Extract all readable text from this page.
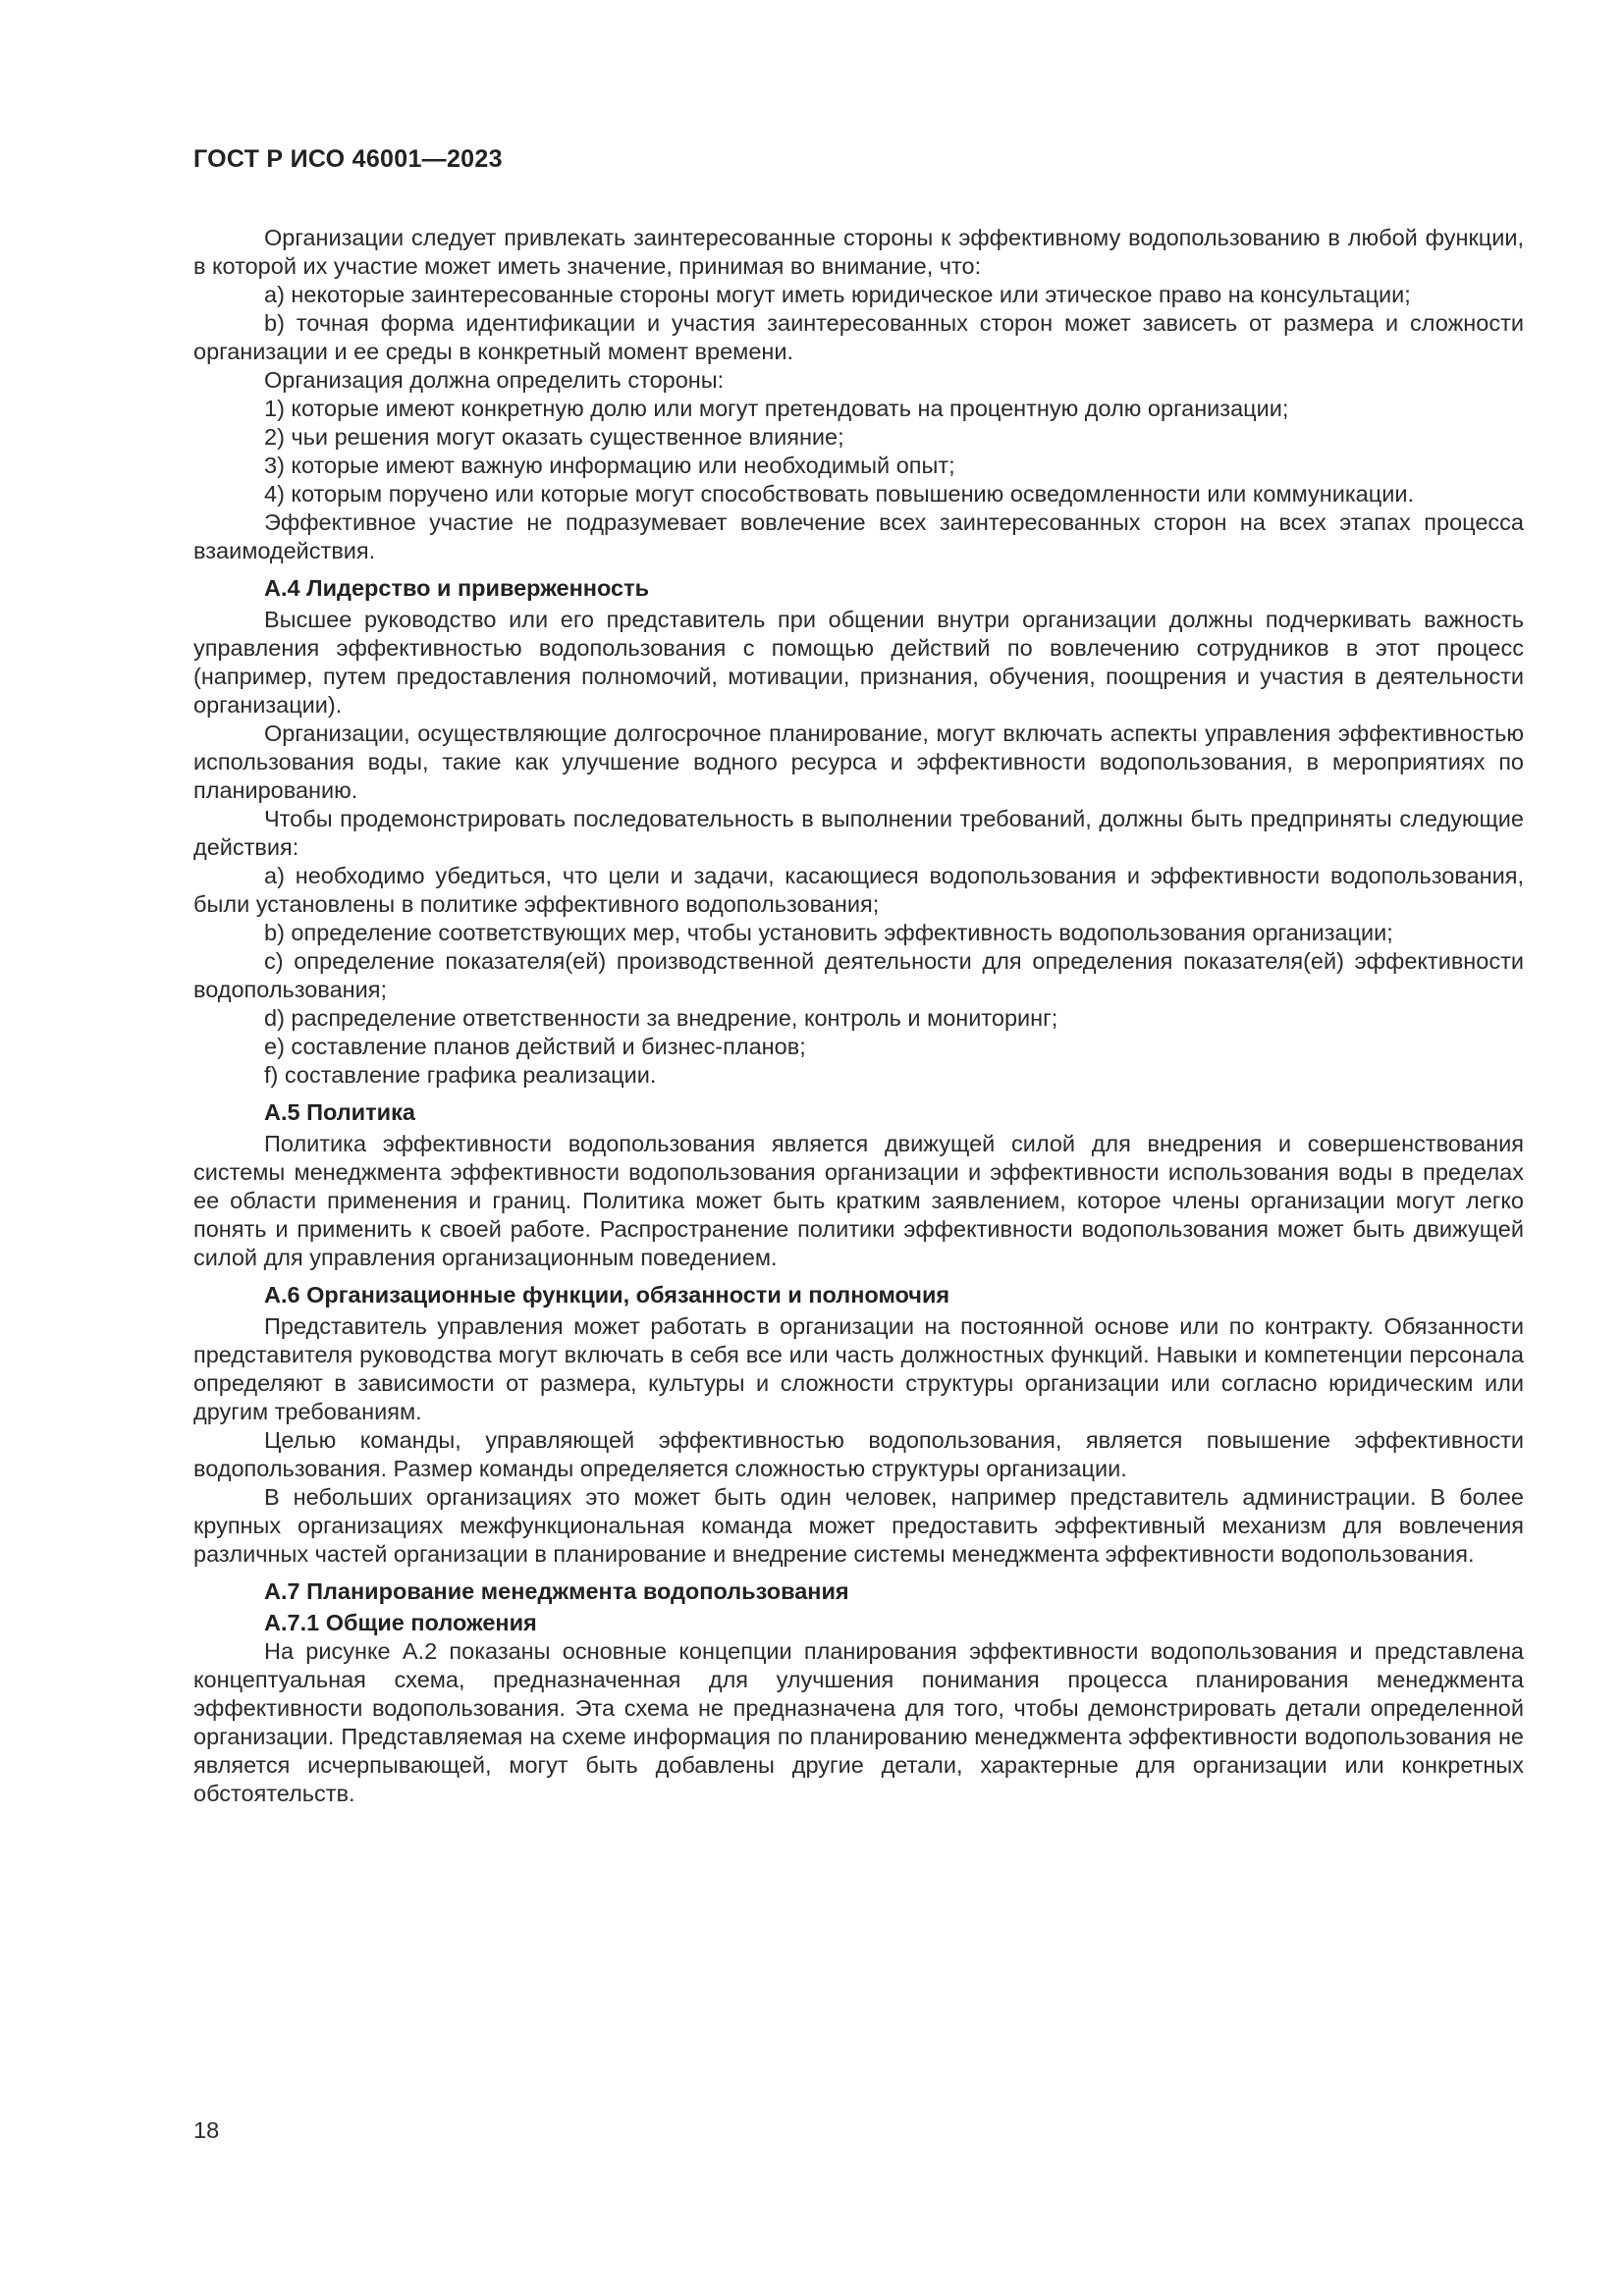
ГОСТ Р ИСО 46001—2023

Организации следует привлекать заинтересованные стороны к эффективному водопользованию в любой функции, в которой их участие может иметь значение, принимая во внимание, что:

a) некоторые заинтересованные стороны могут иметь юридическое или этическое право на консультации;

b) точная форма идентификации и участия заинтересованных сторон может зависеть от размера и сложности организации и ее среды в конкретный момент времени.

Организация должна определить стороны:

1) которые имеют конкретную долю или могут претендовать на процентную долю организации;

2) чьи решения могут оказать существенное влияние;

3) которые имеют важную информацию или необходимый опыт;

4) которым поручено или которые могут способствовать повышению осведомленности или коммуникации.

Эффективное участие не подразумевает вовлечение всех заинтересованных сторон на всех этапах процесса взаимодействия.

А.4 Лидерство и приверженность

Высшее руководство или его представитель при общении внутри организации должны подчеркивать важность управления эффективностью водопользования с помощью действий по вовлечению сотрудников в этот процесс (например, путем предоставления полномочий, мотивации, признания, обучения, поощрения и участия в деятельности организации).

Организации, осуществляющие долгосрочное планирование, могут включать аспекты управления эффективностью использования воды, такие как улучшение водного ресурса и эффективности водопользования, в мероприятиях по планированию.

Чтобы продемонстрировать последовательность в выполнении требований, должны быть предприняты следующие действия:

a) необходимо убедиться, что цели и задачи, касающиеся водопользования и эффективности водопользования, были установлены в политике эффективного водопользования;

b) определение соответствующих мер, чтобы установить эффективность водопользования организации;

c) определение показателя(ей) производственной деятельности для определения показателя(ей) эффективности водопользования;

d) распределение ответственности за внедрение, контроль и мониторинг;

e) составление планов действий и бизнес-планов;

f) составление графика реализации.

А.5 Политика

Политика эффективности водопользования является движущей силой для внедрения и совершенствования системы менеджмента эффективности водопользования организации и эффективности использования воды в пределах ее области применения и границ. Политика может быть кратким заявлением, которое члены организации могут легко понять и применить к своей работе. Распространение политики эффективности водопользования может быть движущей силой для управления организационным поведением.

А.6 Организационные функции, обязанности и полномочия

Представитель управления может работать в организации на постоянной основе или по контракту. Обязанности представителя руководства могут включать в себя все или часть должностных функций. Навыки и компетенции персонала определяют в зависимости от размера, культуры и сложности структуры организации или согласно юридическим или другим требованиям.

Целью команды, управляющей эффективностью водопользования, является повышение эффективности водопользования. Размер команды определяется сложностью структуры организации.

В небольших организациях это может быть один человек, например представитель администрации. В более крупных организациях межфункциональная команда может предоставить эффективный механизм для вовлечения различных частей организации в планирование и внедрение системы менеджмента эффективности водопользования.

А.7 Планирование менеджмента водопользования
А.7.1 Общие положения

На рисунке А.2 показаны основные концепции планирования эффективности водопользования и представлена концептуальная схема, предназначенная для улучшения понимания процесса планирования менеджмента эффективности водопользования. Эта схема не предназначена для того, чтобы демонстрировать детали определенной организации. Представляемая на схеме информация по планированию менеджмента эффективности водопользования не является исчерпывающей, могут быть добавлены другие детали, характерные для организации или конкретных обстоятельств.

18
